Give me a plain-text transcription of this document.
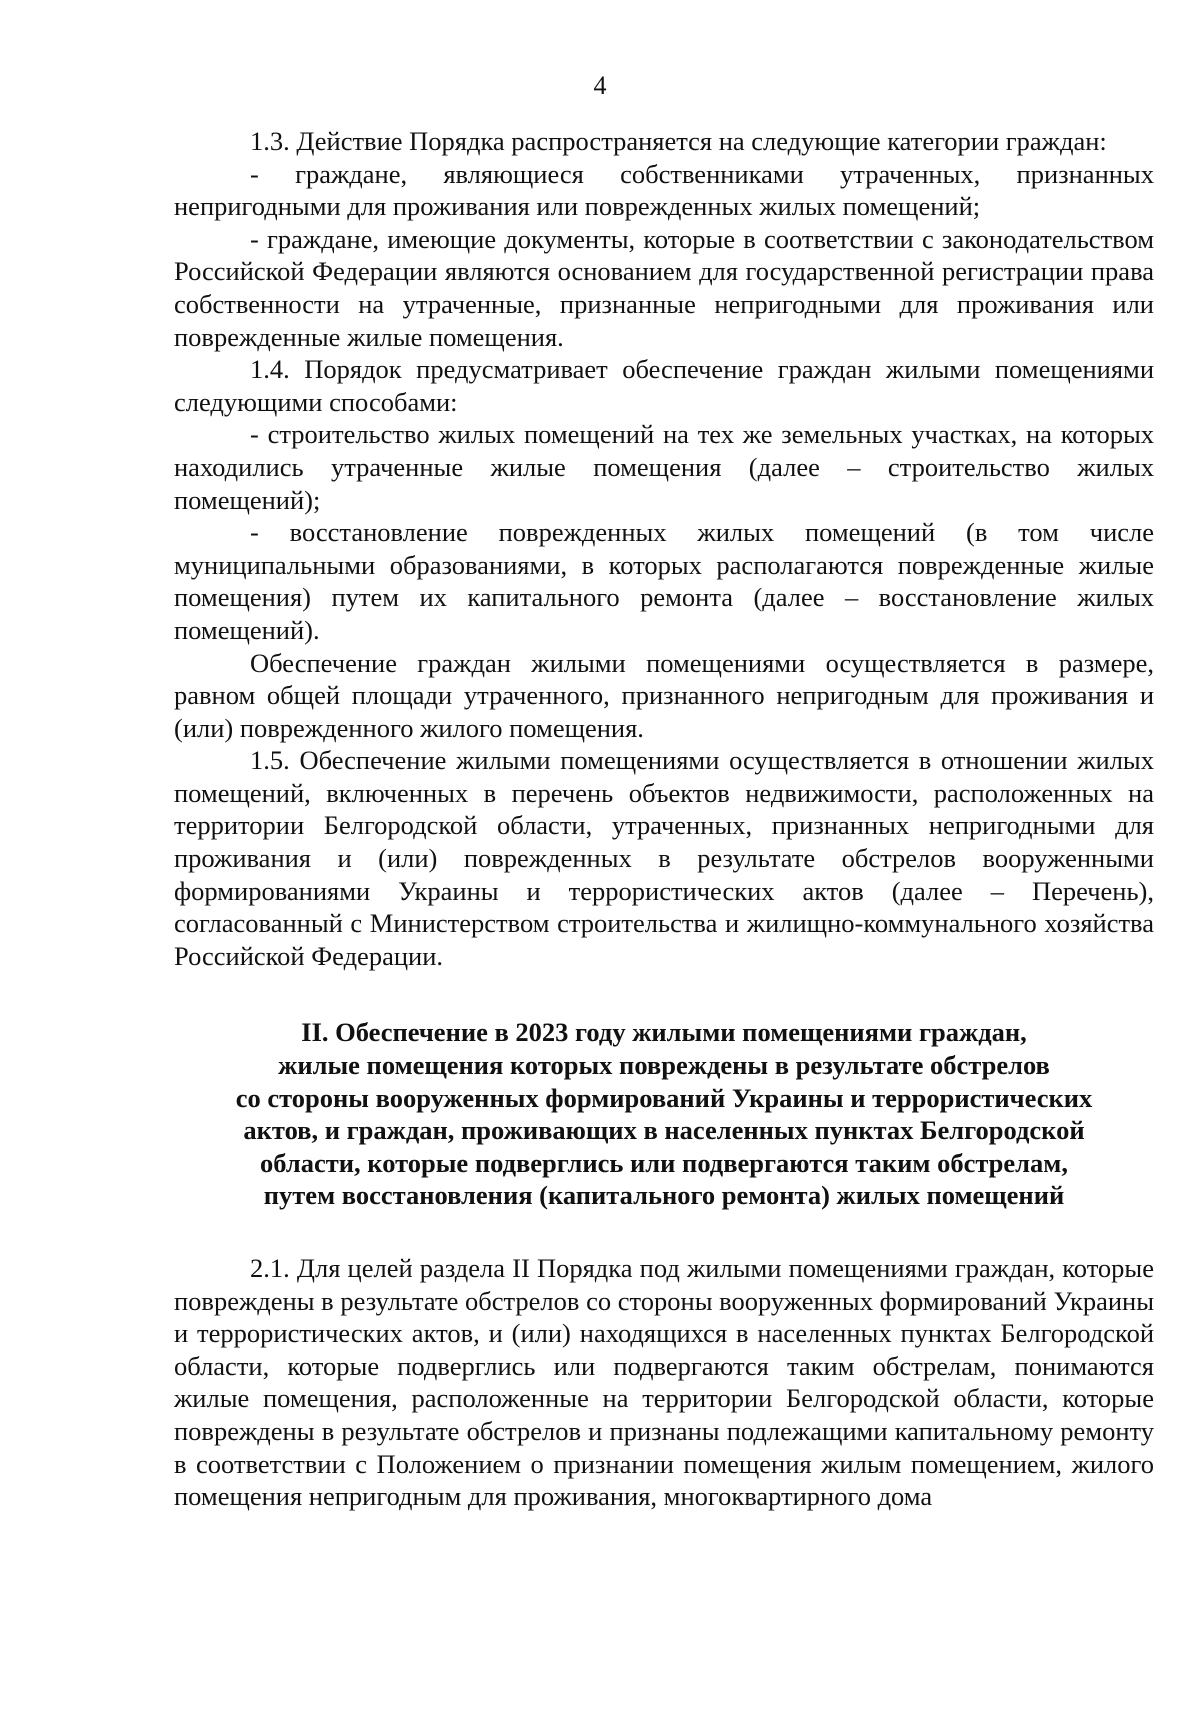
4

1.3. Действие Порядка распространяется на следующие категории граждан:

- граждане, являющиеся собственниками утраченных, признанных непригодными для проживания или поврежденных жилых помещений;

- граждане, имеющие документы, которые в соответствии с законодательством Российской Федерации являются основанием для государственной регистрации права собственности на утраченные, признанные непригодными для проживания или поврежденные жилые помещения.

1.4. Порядок предусматривает обеспечение граждан жилыми помещениями следующими способами:

- строительство жилых помещений на тех же земельных участках, на которых находились утраченные жилые помещения (далее – строительство жилых помещений);

- восстановление поврежденных жилых помещений (в том числе муниципальными образованиями, в которых располагаются поврежденные жилые помещения) путем их капитального ремонта (далее – восстановление жилых помещений).

Обеспечение граждан жилыми помещениями осуществляется в размере, равном общей площади утраченного, признанного непригодным для проживания и (или) поврежденного жилого помещения.

1.5. Обеспечение жилыми помещениями осуществляется в отношении жилых помещений, включенных в перечень объектов недвижимости, расположенных на территории Белгородской области, утраченных, признанных непригодными для проживания и (или) поврежденных в результате обстрелов вооруженными формированиями Украины и террористических актов (далее – Перечень), согласованный с Министерством строительства и жилищно-коммунального хозяйства Российской Федерации.

II. Обеспечение в 2023 году жилыми помещениями граждан,
жилые помещения которых повреждены в результате обстрелов
со стороны вооруженных формирований Украины и террористических
актов, и граждан, проживающих в населенных пунктах Белгородской
области, которые подверглись или подвергаются таким обстрелам,
путем восстановления (капитального ремонта) жилых помещений

2.1. Для целей раздела II Порядка под жилыми помещениями граждан, которые повреждены в результате обстрелов со стороны вооруженных формирований Украины и террористических актов, и (или) находящихся в населенных пунктах Белгородской области, которые подверглись или подвергаются таким обстрелам, понимаются жилые помещения, расположенные на территории Белгородской области, которые повреждены в результате обстрелов и признаны подлежащими капитальному ремонту в соответствии с Положением о признании помещения жилым помещением, жилого помещения непригодным для проживания, многоквартирного дома
